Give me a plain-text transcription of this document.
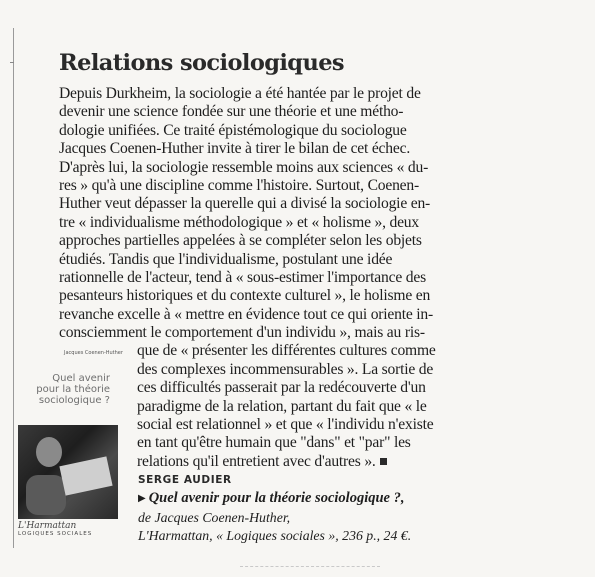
Relations sociologiques
Depuis Durkheim, la sociologie a été hantée par le projet de
devenir une science fondée sur une théorie et une métho-
dologie unifiées. Ce traité épistémologique du sociologue
Jacques Coenen-Huther invite à tirer le bilan de cet échec.
D'après lui, la sociologie ressemble moins aux sciences « du-
res » qu'à une discipline comme l'histoire. Surtout, Coenen-
Huther veut dépasser la querelle qui a divisé la sociologie en-
tre « individualisme méthodologique » et « holisme », deux
approches partielles appelées à se compléter selon les objets
étudiés. Tandis que l'individualisme, postulant une idée
rationnelle de l'acteur, tend à « sous-estimer l'importance des
pesanteurs historiques et du contexte culturel », le holisme en
revanche excelle à « mettre en évidence tout ce qui oriente in-
consciemment le comportement d'un individu », mais au ris-
que de « présenter les différentes cultures comme
des complexes incommensurables ». La sortie de
ces difficultés passerait par la redécouverte d'un
paradigme de la relation, partant du fait que « le
social est relationnel » et que « l'individu n'existe
en tant qu'être humain que "dans" et "par" les
relations qu'il entretient avec d'autres ».
SERGE AUDIER
▶ Quel avenir pour la théorie sociologique ?,
de Jacques Coenen-Huther,
L'Harmattan, « Logiques sociales », 236 p., 24 €.
Jacques Coenen-Huther
Quel avenir
pour la théorie
sociologique ?
L'Harmattan
LOGIQUES SOCIALES
